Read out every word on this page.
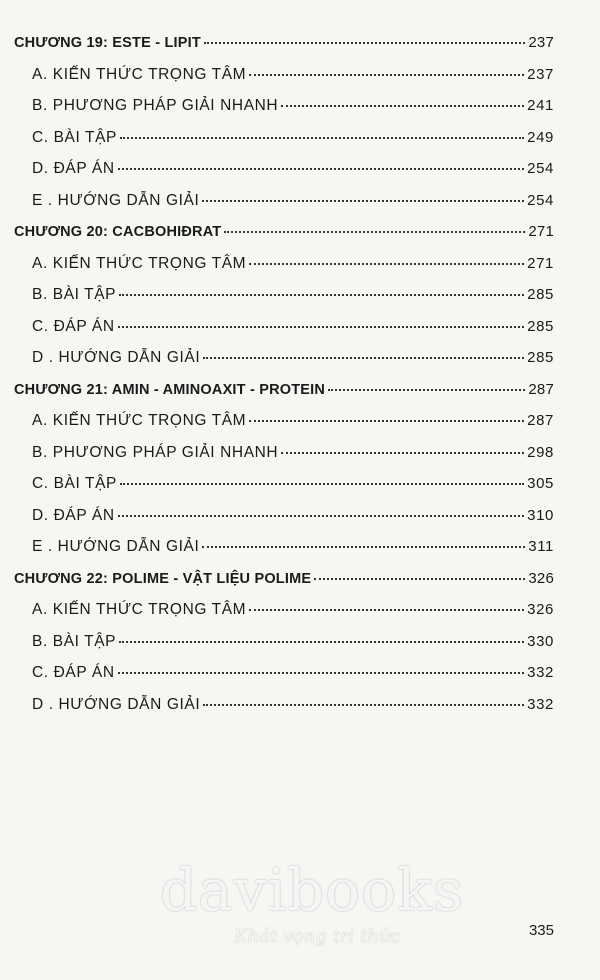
CHƯƠNG 19: ESTE - LIPIT	237
A. KIẾN THỨC TRỌNG TÂM	237
B. PHƯƠNG PHÁP GIẢI NHANH	241
C. BÀI TẬP	249
D. ĐÁP ÁN	254
E . HƯỚNG DẪN GIẢI	254
CHƯƠNG 20: CACBOHIĐRAT	271
A. KIẾN THỨC TRỌNG TÂM	271
B. BÀI TẬP	285
C. ĐÁP ÁN	285
D . HƯỚNG DẪN GIẢI	285
CHƯƠNG 21: AMIN - AMINOAXIT - PROTEIN	287
A. KIẾN THỨC TRỌNG TÂM	287
B. PHƯƠNG PHÁP GIẢI NHANH	298
C. BÀI TẬP	305
D. ĐÁP ÁN	310
E . HƯỚNG DẪN GIẢI	311
CHƯƠNG 22: POLIME - VẬT LIỆU POLIME	326
A. KIẾN THỨC TRỌNG TÂM	326
B. BÀI TẬP	330
C. ĐÁP ÁN	332
D . HƯỚNG DẪN GIẢI	332
davibooks
Khát vọng tri thức	335
